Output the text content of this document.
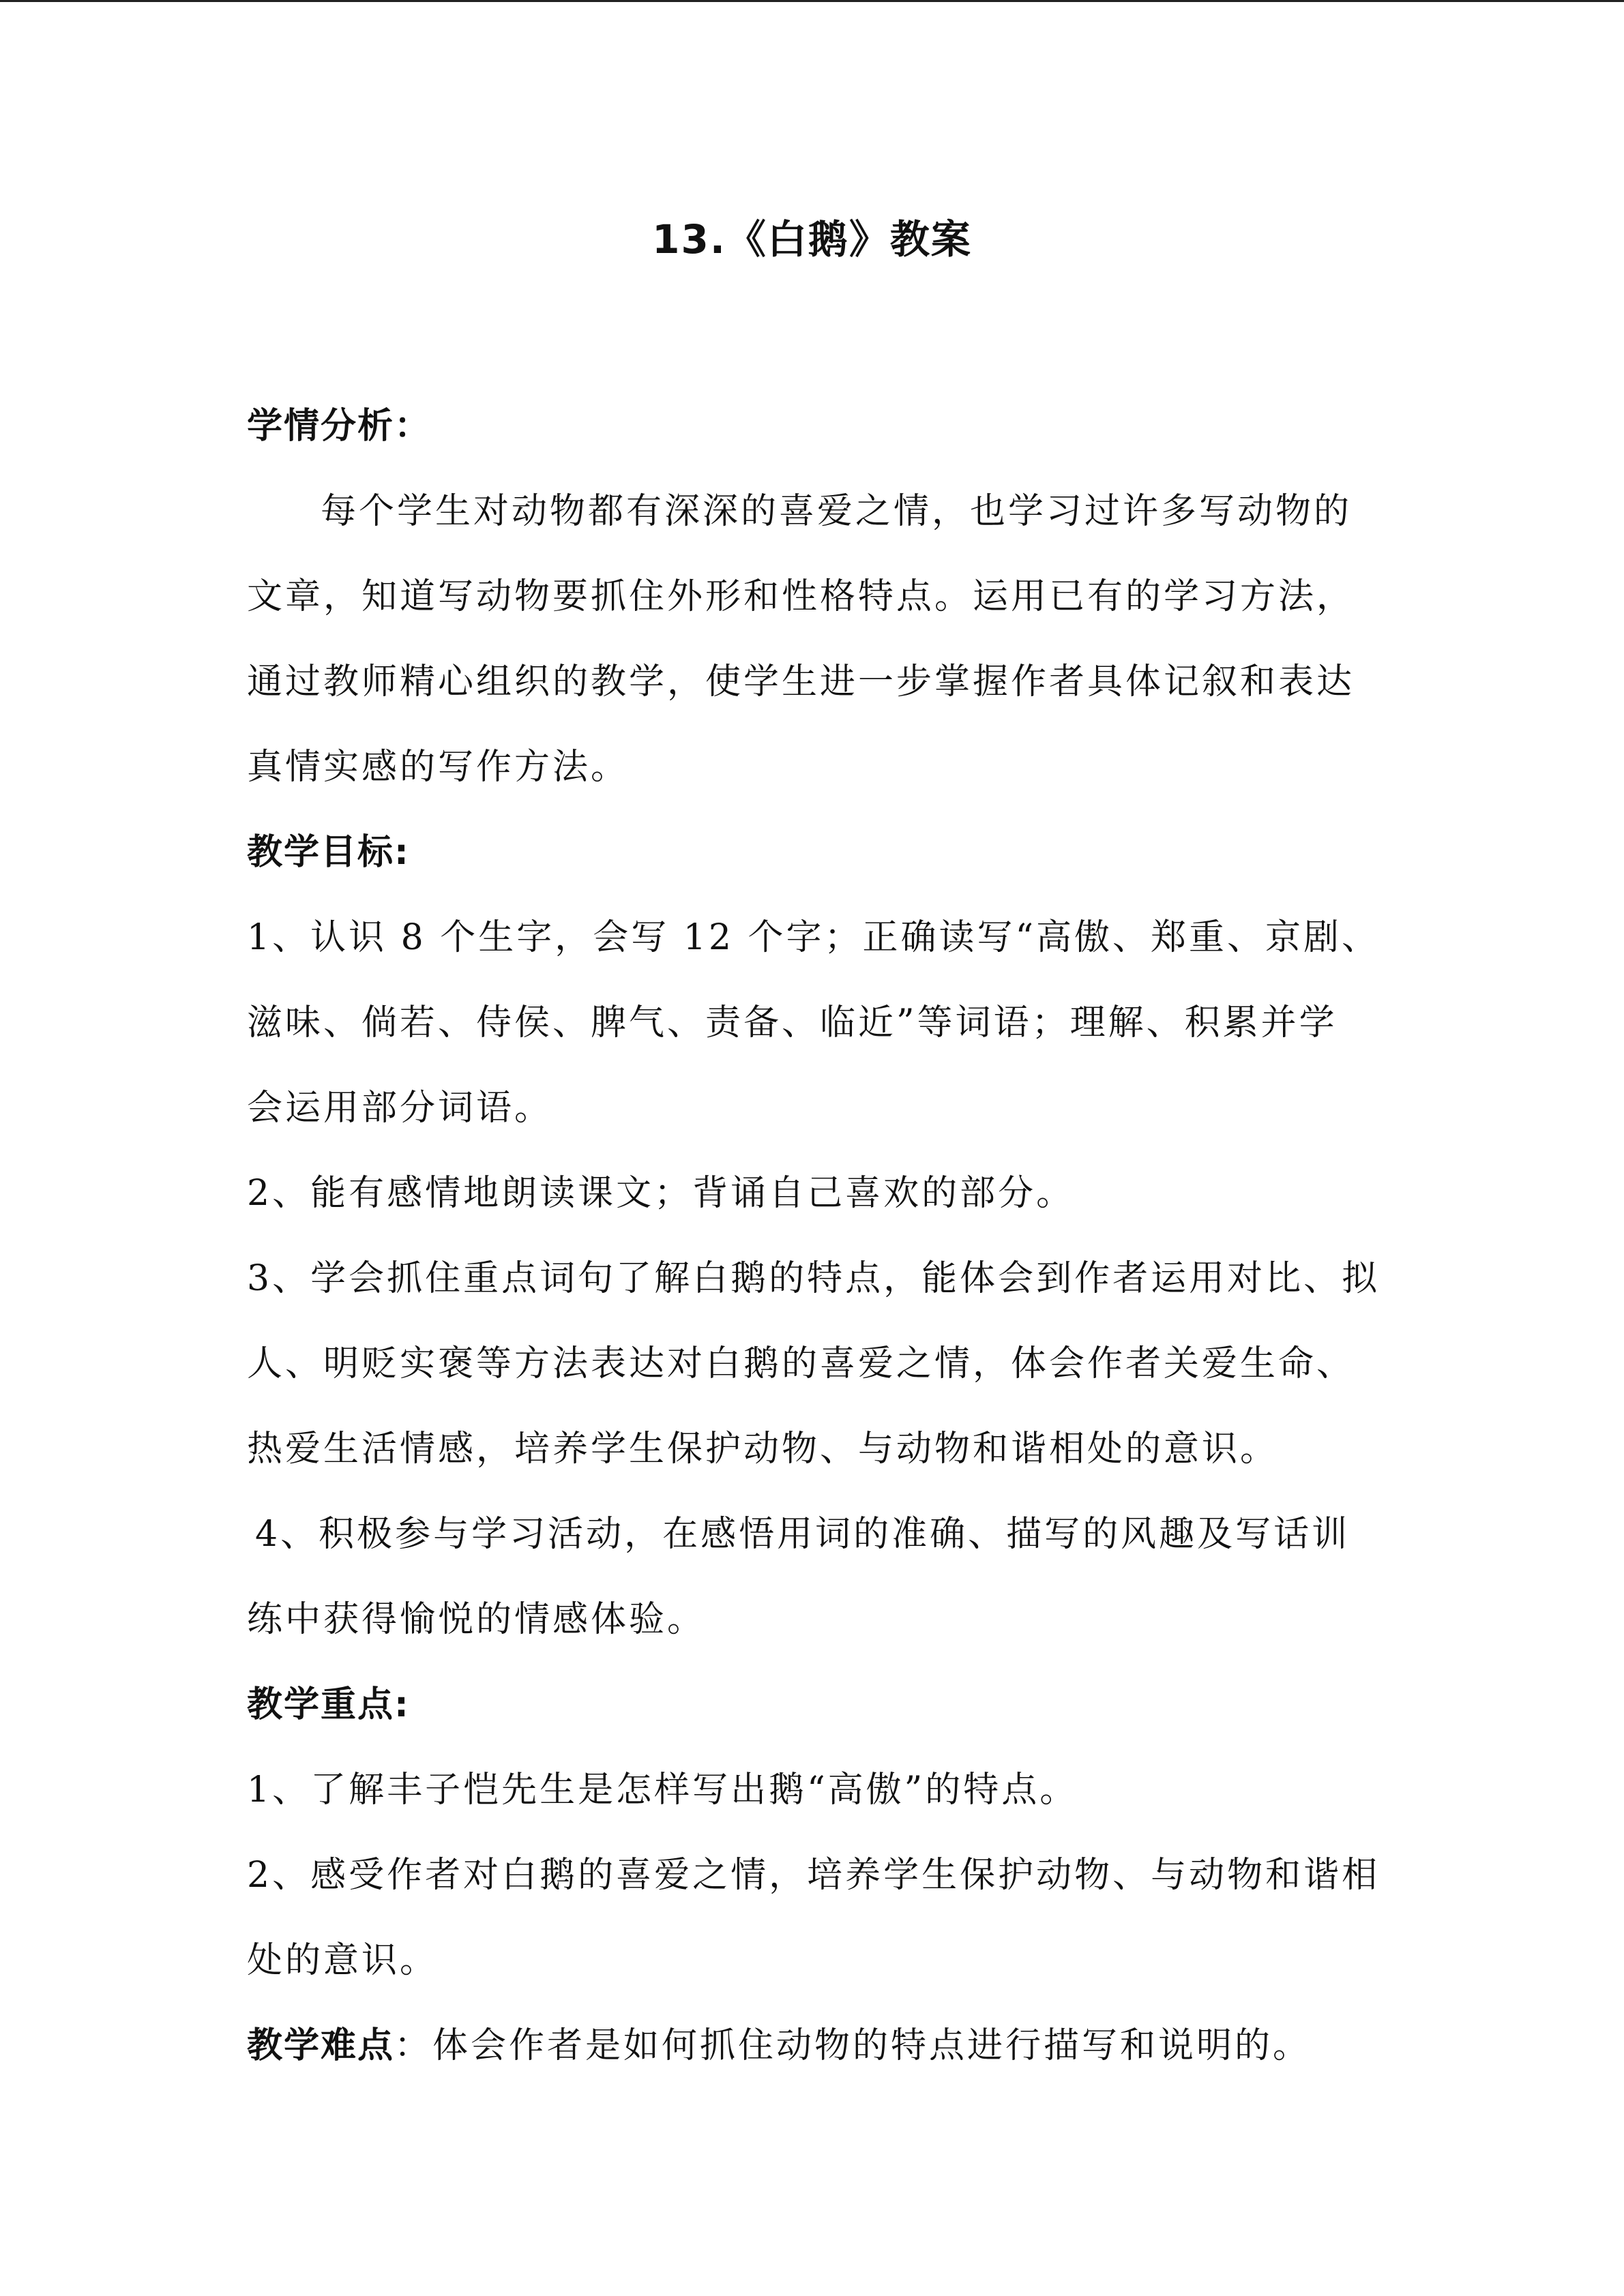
13.《白鹅》教案
学情分析：
每个学生对动物都有深深的喜爱之情，也学习过许多写动物的
文章，知道写动物要抓住外形和性格特点。运用已有的学习方法，
通过教师精心组织的教学，使学生进一步掌握作者具体记叙和表达
真情实感的写作方法。
教学目标:
1、认识 8 个生字，会写 12 个字；正确读写“高傲、郑重、京剧、
滋味、倘若、侍侯、脾气、责备、临近”等词语；理解、积累并学
会运用部分词语。
2、能有感情地朗读课文；背诵自己喜欢的部分。
3、学会抓住重点词句了解白鹅的特点，能体会到作者运用对比、拟
人、明贬实褒等方法表达对白鹅的喜爱之情，体会作者关爱生命、
热爱生活情感，培养学生保护动物、与动物和谐相处的意识。
4、积极参与学习活动，在感悟用词的准确、描写的风趣及写话训
练中获得愉悦的情感体验。
教学重点:
1、了解丰子恺先生是怎样写出鹅“高傲”的特点。
2、感受作者对白鹅的喜爱之情，培养学生保护动物、与动物和谐相
处的意识。
教学难点：体会作者是如何抓住动物的特点进行描写和说明的。
